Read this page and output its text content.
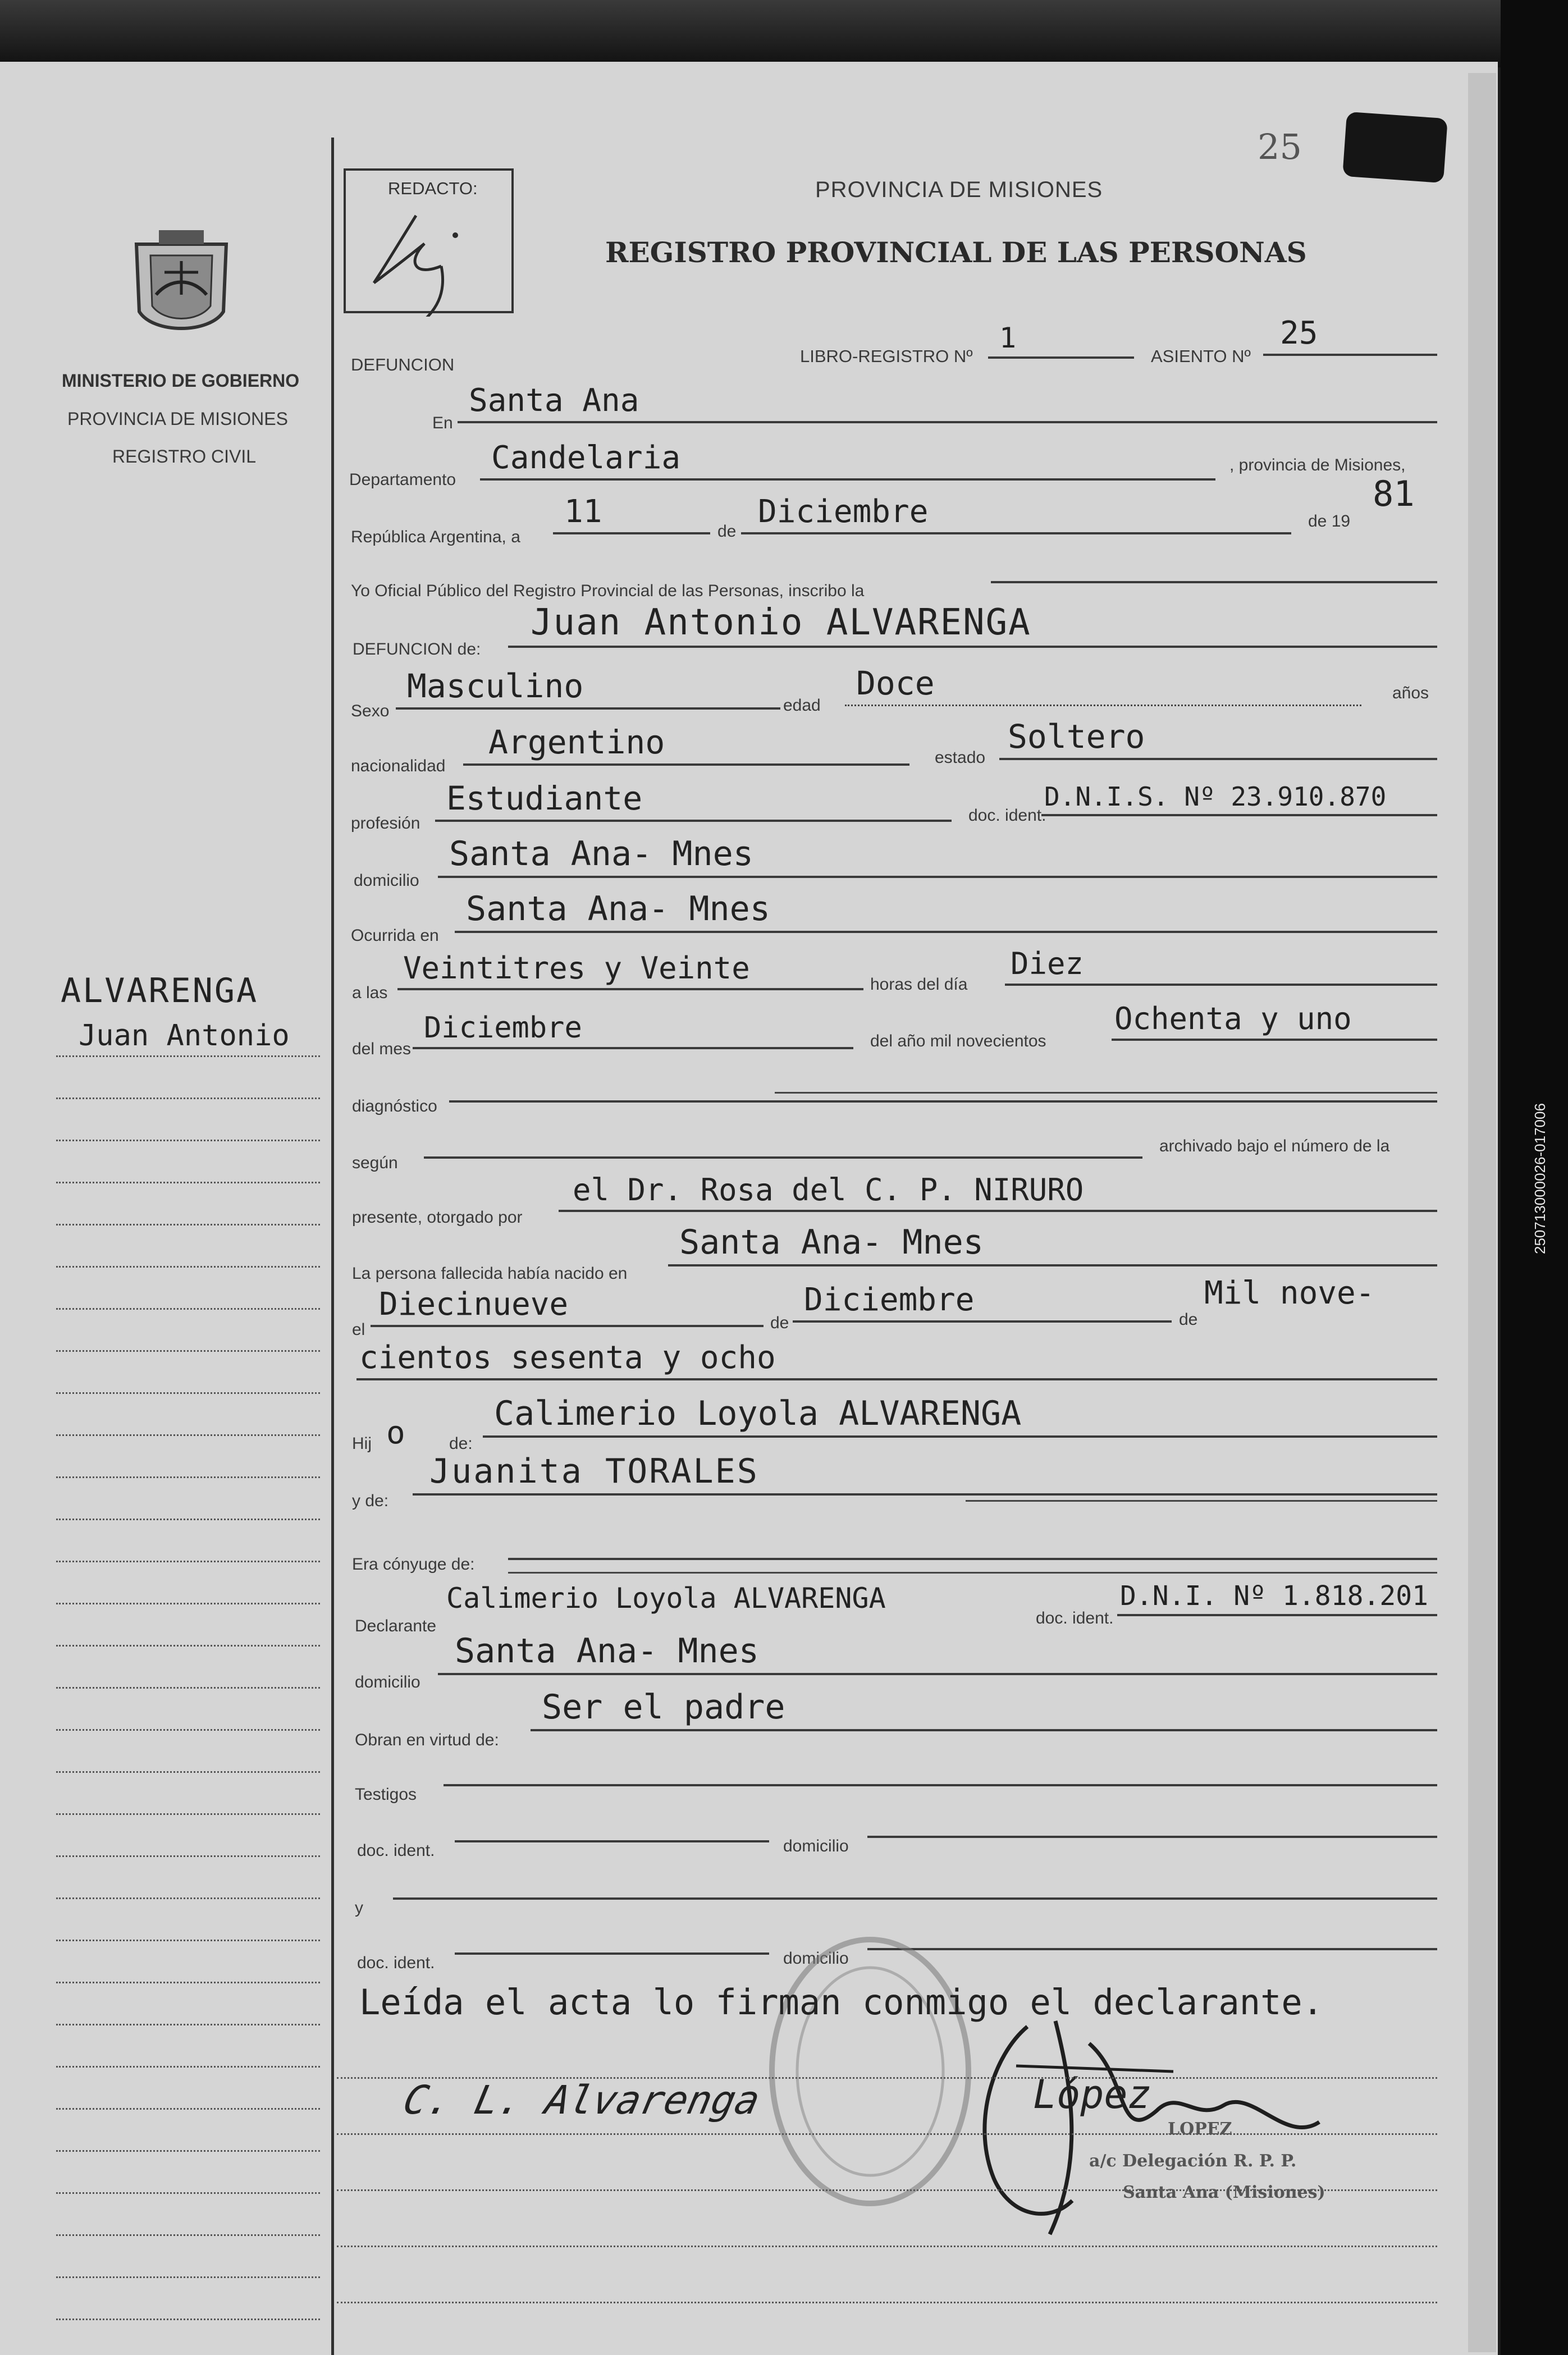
250713000026-017006
25
REDACTO:
MINISTERIO DE GOBIERNO
PROVINCIA DE MISIONES
REGISTRO CIVIL
ALVARENGA
Juan Antonio
PROVINCIA DE MISIONES
REGISTRO PROVINCIAL DE LAS PERSONAS
DEFUNCION	LIBRO-REGISTRO Nº
1
ASIENTO Nº
25
En
Santa Ana
Departamento
Candelaria	, provincia de Misiones,
República Argentina, a
11
de
Diciembre	de 19
81
Yo Oficial Público del Registro Provincial de las Personas, inscribo la
DEFUNCION de:
Juan Antonio ALVARENGA
Sexo
Masculino
edad
Doce	años
nacionalidad
Argentino	estado
Soltero
profesión
Estudiante	doc. ident.
D.N.I.S. Nº 23.910.870
domicilio
Santa Ana- Mnes
Ocurrida en
Santa Ana- Mnes
a las
Veintitres y Veinte	horas del día
Diez
del mes
Diciembre	del año mil novecientos
Ochenta y uno
diagnóstico
según
archivado bajo el número de la
presente, otorgado por
el Dr. Rosa del C. P. NIRURO
La persona fallecida había nacido en
Santa Ana- Mnes
el
Diecinueve
de
Diciembre
de
Mil nove-
cientos sesenta y ocho
Hij o	de:
Calimerio Loyola ALVARENGA
y de:
Juanita TORALES
Era cónyuge de:
Declarante
Calimerio Loyola ALVARENGA
doc. ident.
D.N.I. Nº 1.818.201
domicilio
Santa Ana- Mnes
Obran en virtud de:
Ser el padre
Testigos
doc. ident.	domicilio
y
doc. ident.	domicilio
Leída el acta lo firman conmigo el declarante.
C. L. Alvarenga	López
LOPEZ
a/c Delegación R. P. P.
Santa Ana (Misiones)
